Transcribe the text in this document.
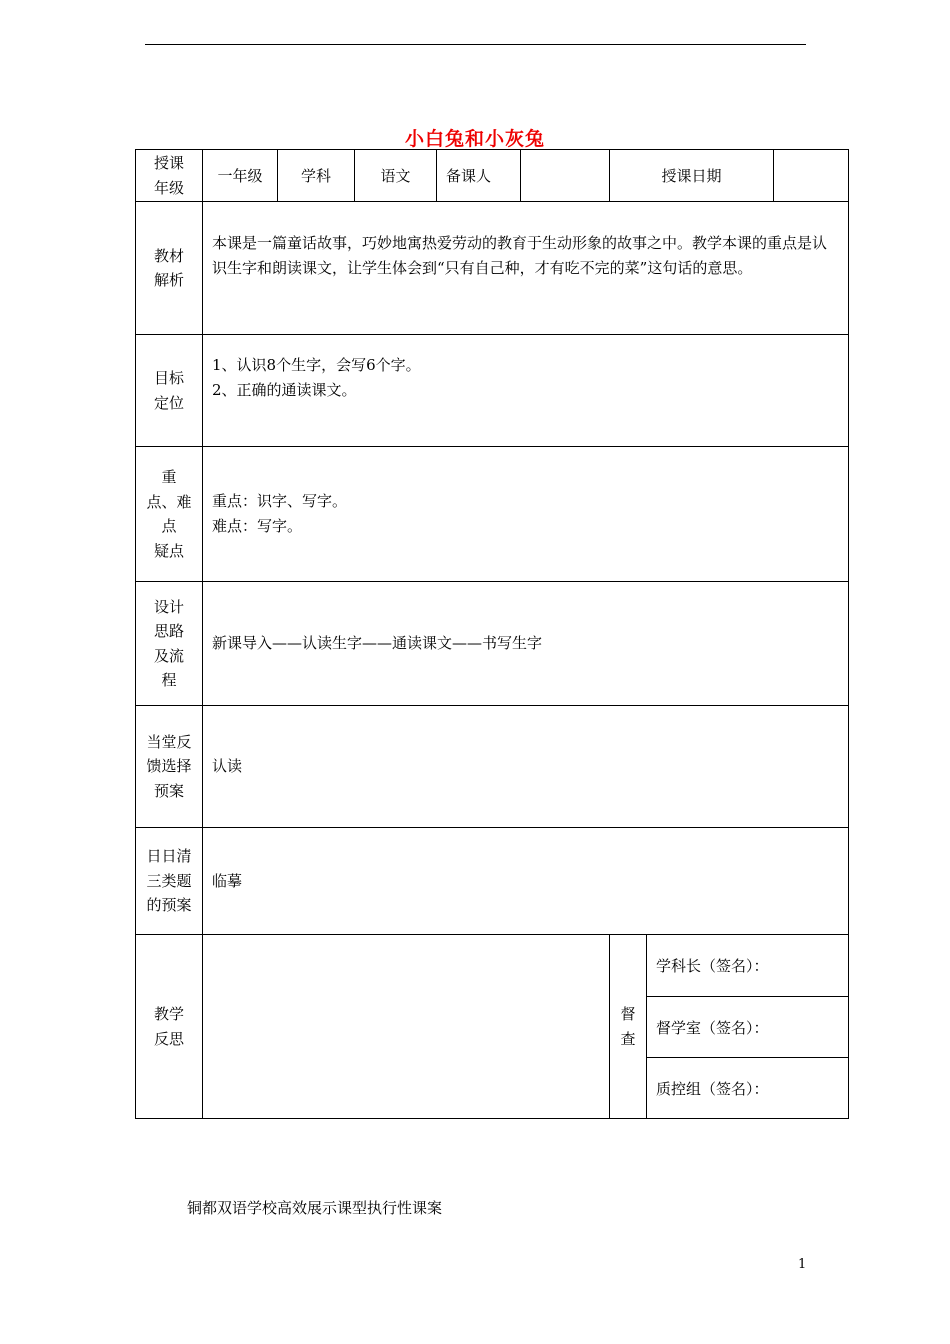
小白兔和小灰兔
授课
年级	一年级	学科	语文	备课人		授课日期		

教材
解析	本课是一篇童话故事，巧妙地寓热爱劳动的教育于生动形象的故事之中。教学本课的重点是认识生字和朗读课文，让学生体会到“只有自己种，才有吃不完的菜”这句话的意思。							

目标
定位	1、认识8个生字，会写6个字。
2、正确的通读课文。							

重
点、难
点
疑点	重点：识字、写字。
难点：写字。							

设计
思路
及流
程	新课导入——认读生字——通读课文——书写生字							

当堂反
馈选择
预案	认读							

日日清
三类题
的预案	临摹							

教学
反思						督
查	学科长（签名）：	
							督学室（签名）：	
							质控组（签名）：	
铜都双语学校高效展示课型执行性课案
1
